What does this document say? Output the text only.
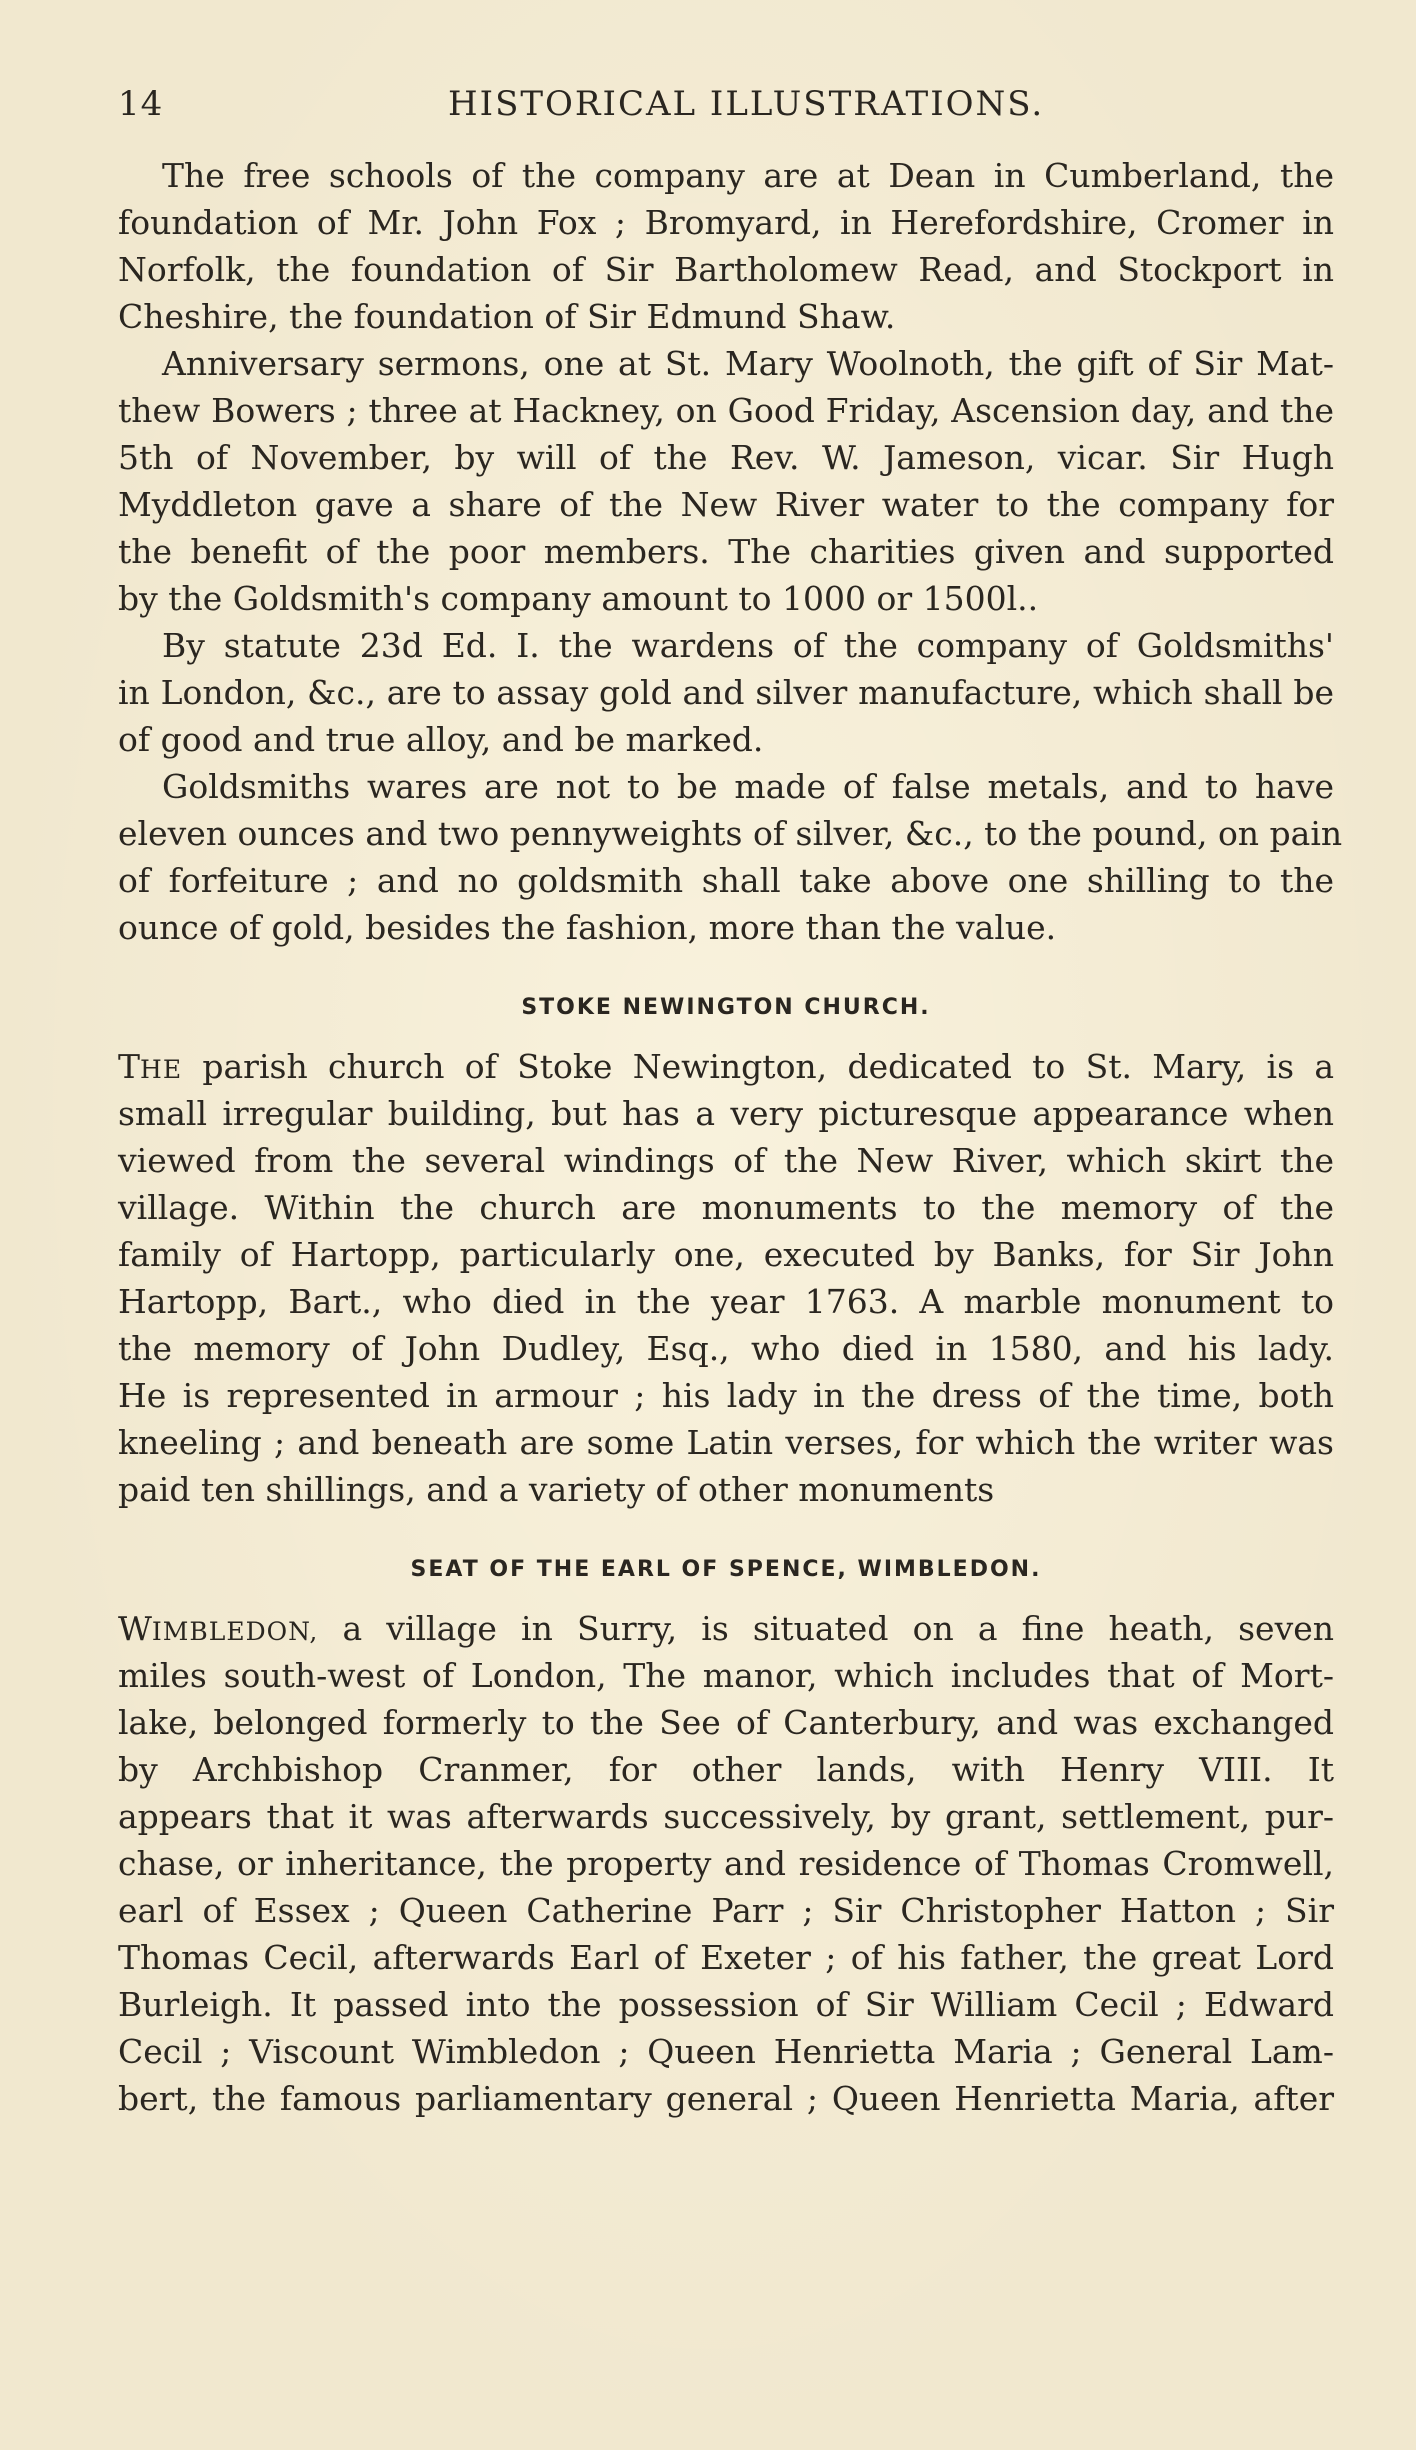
14	HISTORICAL ILLUSTRATIONS.
The free schools of the company are at Dean in Cumberland, the
foundation of Mr. John Fox ; Bromyard, in Herefordshire, Cromer in
Norfolk, the foundation of Sir Bartholomew Read, and Stockport in
Cheshire, the foundation of Sir Edmund Shaw.
Anniversary sermons, one at St. Mary Woolnoth, the gift of Sir Mat-
thew Bowers ; three at Hackney, on Good Friday, Ascension day, and the
5th of November, by will of the Rev. W. Jameson, vicar. Sir Hugh
Myddleton gave a share of the New River water to the company for
the benefit of the poor members. The charities given and supported
by the Goldsmith's company amount to 1000 or 1500l..
By statute 23d Ed. I. the wardens of the company of Goldsmiths'
in London, &c., are to assay gold and silver manufacture, which shall be
of good and true alloy, and be marked.
Goldsmiths wares are not to be made of false metals, and to have
eleven ounces and two pennyweights of silver, &c., to the pound, on pain
of forfeiture ; and no goldsmith shall take above one shilling to the
ounce of gold, besides the fashion, more than the value.
STOKE NEWINGTON CHURCH.
THE parish church of Stoke Newington, dedicated to St. Mary, is a
small irregular building, but has a very picturesque appearance when
viewed from the several windings of the New River, which skirt the
village. Within the church are monuments to the memory of the
family of Hartopp, particularly one, executed by Banks, for Sir John
Hartopp, Bart., who died in the year 1763. A marble monument to
the memory of John Dudley, Esq., who died in 1580, and his lady.
He is represented in armour ; his lady in the dress of the time, both
kneeling ; and beneath are some Latin verses, for which the writer was
paid ten shillings, and a variety of other monuments
SEAT OF THE EARL OF SPENCE, WIMBLEDON.
WIMBLEDON, a village in Surry, is situated on a fine heath, seven
miles south-west of London, The manor, which includes that of Mort-
lake, belonged formerly to the See of Canterbury, and was exchanged
by Archbishop Cranmer, for other lands, with Henry VIII. It
appears that it was afterwards successively, by grant, settlement, pur-
chase, or inheritance, the property and residence of Thomas Cromwell,
earl of Essex ; Queen Catherine Parr ; Sir Christopher Hatton ; Sir
Thomas Cecil, afterwards Earl of Exeter ; of his father, the great Lord
Burleigh. It passed into the possession of Sir William Cecil ; Edward
Cecil ; Viscount Wimbledon ; Queen Henrietta Maria ; General Lam-
bert, the famous parliamentary general ; Queen Henrietta Maria, after
